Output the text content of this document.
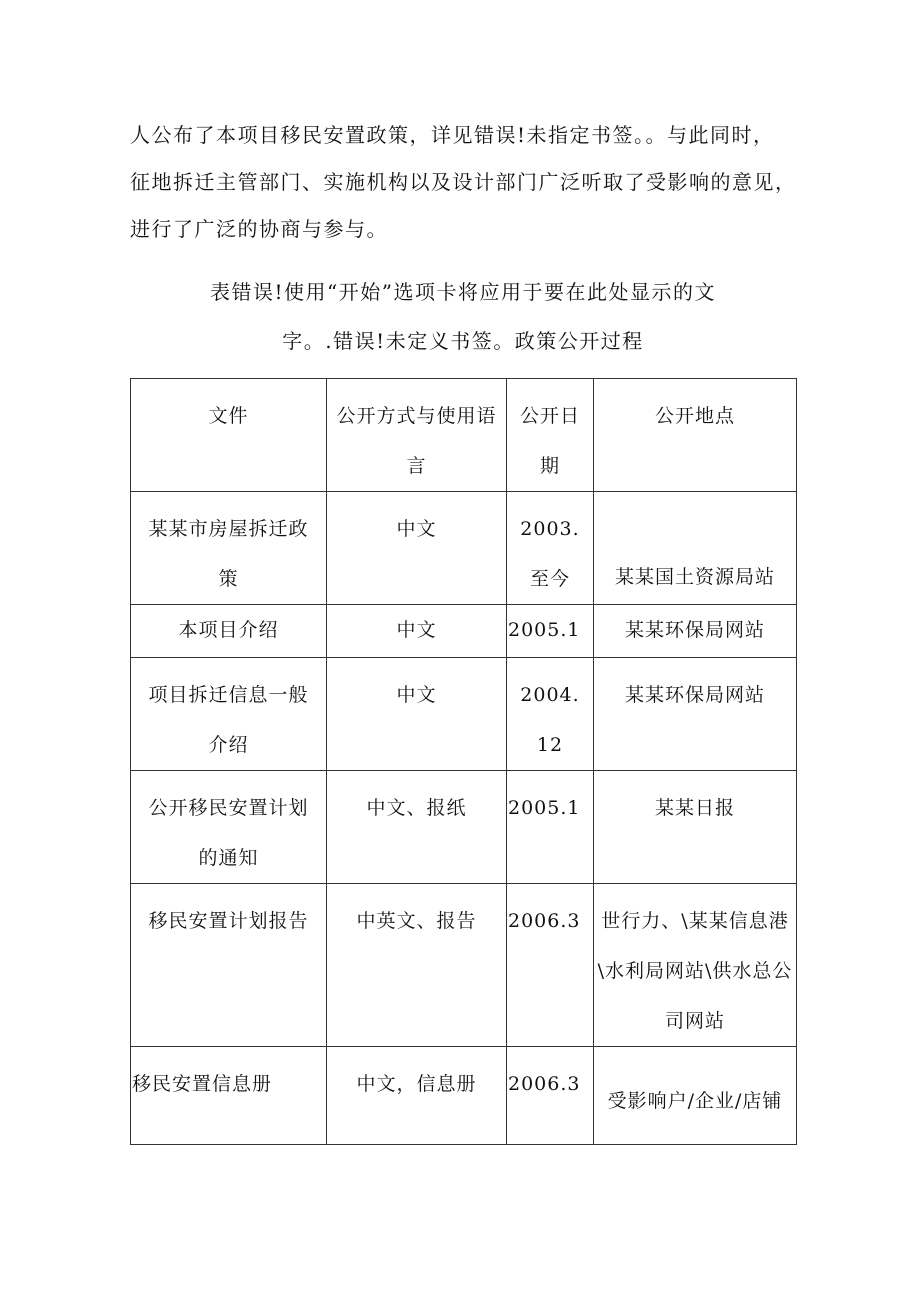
人公布了本项目移民安置政策，详见错误!未指定书签。。与此同时，
征地拆迁主管部门、实施机构以及设计部门广泛听取了受影响的意见，
进行了广泛的协商与参与。
表错误!使用“开始”选项卡将应用于要在此处显示的文
字。.错误!未定义书签。政策公开过程
文件	公开方式与使用语言	公开日期	公开地点
某某市房屋拆迁政策	中文	2003.至今	某某国土资源局站
本项目介绍	中文	2005.1	某某环保局网站
项目拆迁信息一般介绍	中文	2004.12	某某环保局网站
公开移民安置计划的通知	中文、报纸	2005.1	某某日报
移民安置计划报告	中英文、报告	2006.3	世行力、\某某信息港\水利局网站\供水总公司网站
移民安置信息册	中文，信息册	2006.3	受影响户/企业/店铺
